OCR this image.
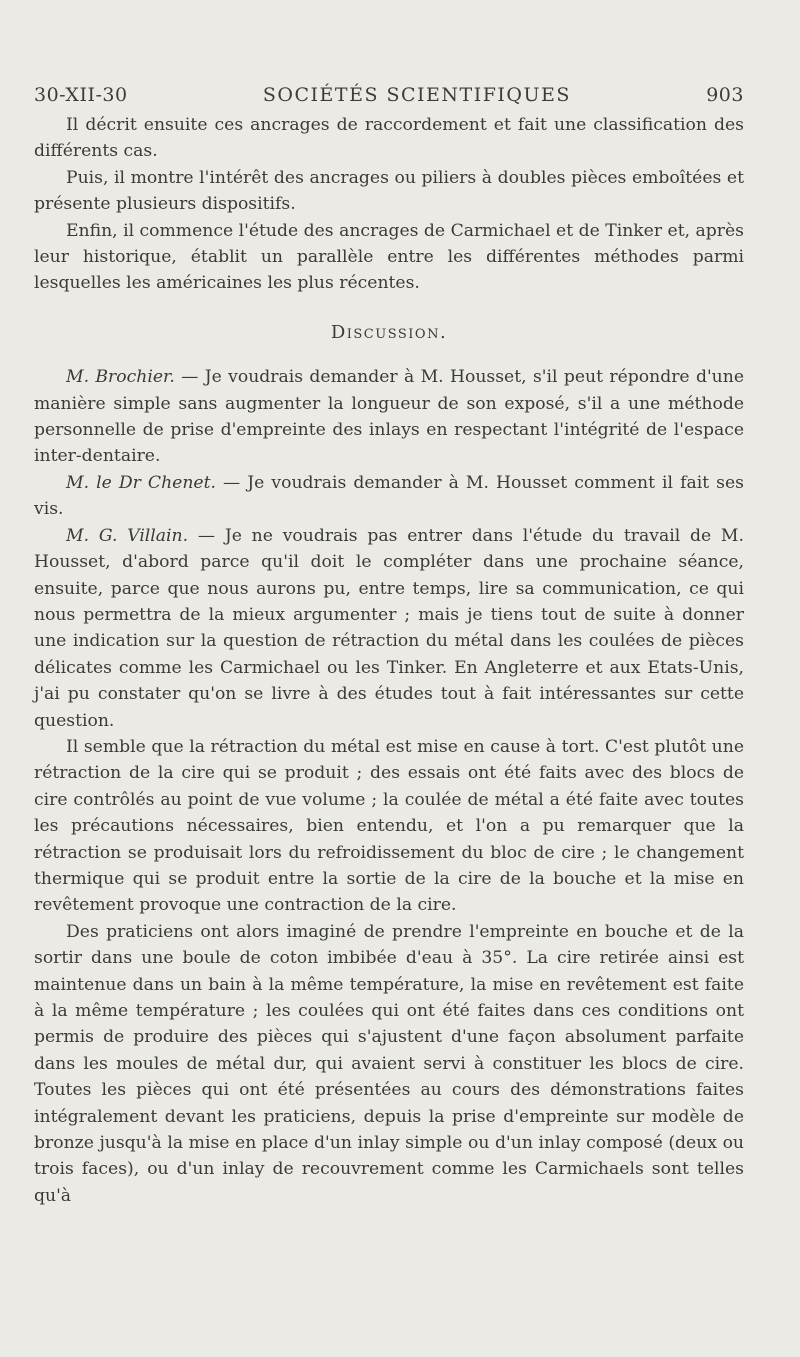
30-XII-30	SOCIÉTÉS SCIENTIFIQUES	903

Il décrit ensuite ces ancrages de raccordement et fait une classification des différents cas.

Puis, il montre l'intérêt des ancrages ou piliers à doubles pièces emboîtées et présente plusieurs dispositifs.

Enfin, il commence l'étude des ancrages de Carmichael et de Tinker et, après leur historique, établit un parallèle entre les différentes méthodes parmi lesquelles les américaines les plus récentes.

Discussion.

M. Brochier. — Je voudrais demander à M. Housset, s'il peut répondre d'une manière simple sans augmenter la longueur de son exposé, s'il a une méthode personnelle de prise d'empreinte des inlays en respectant l'intégrité de l'espace inter-dentaire.

M. le Dr Chenet. — Je voudrais demander à M. Housset comment il fait ses vis.

M. G. Villain. — Je ne voudrais pas entrer dans l'étude du travail de M. Housset, d'abord parce qu'il doit le compléter dans une prochaine séance, ensuite, parce que nous aurons pu, entre temps, lire sa communication, ce qui nous permettra de la mieux argumenter ; mais je tiens tout de suite à donner une indication sur la question de rétraction du métal dans les coulées de pièces délicates comme les Carmichael ou les Tinker. En Angleterre et aux Etats-Unis, j'ai pu constater qu'on se livre à des études tout à fait intéressantes sur cette question.

Il semble que la rétraction du métal est mise en cause à tort. C'est plutôt une rétraction de la cire qui se produit ; des essais ont été faits avec des blocs de cire contrôlés au point de vue volume ; la coulée de métal a été faite avec toutes les précautions nécessaires, bien entendu, et l'on a pu remarquer que la rétraction se produisait lors du refroidissement du bloc de cire ; le changement thermique qui se produit entre la sortie de la cire de la bouche et la mise en revêtement provoque une contraction de la cire.

Des praticiens ont alors imaginé de prendre l'empreinte en bouche et de la sortir dans une boule de coton imbibée d'eau à 35°. La cire retirée ainsi est maintenue dans un bain à la même température, la mise en revêtement est faite à la même température ; les coulées qui ont été faites dans ces conditions ont permis de produire des pièces qui s'ajustent d'une façon absolument parfaite dans les moules de métal dur, qui avaient servi à constituer les blocs de cire. Toutes les pièces qui ont été présentées au cours des démonstrations faites intégralement devant les praticiens, depuis la prise d'empreinte sur modèle de bronze jusqu'à la mise en place d'un inlay simple ou d'un inlay composé (deux ou trois faces), ou d'un inlay de recouvrement comme les Carmichaels sont telles qu'à
